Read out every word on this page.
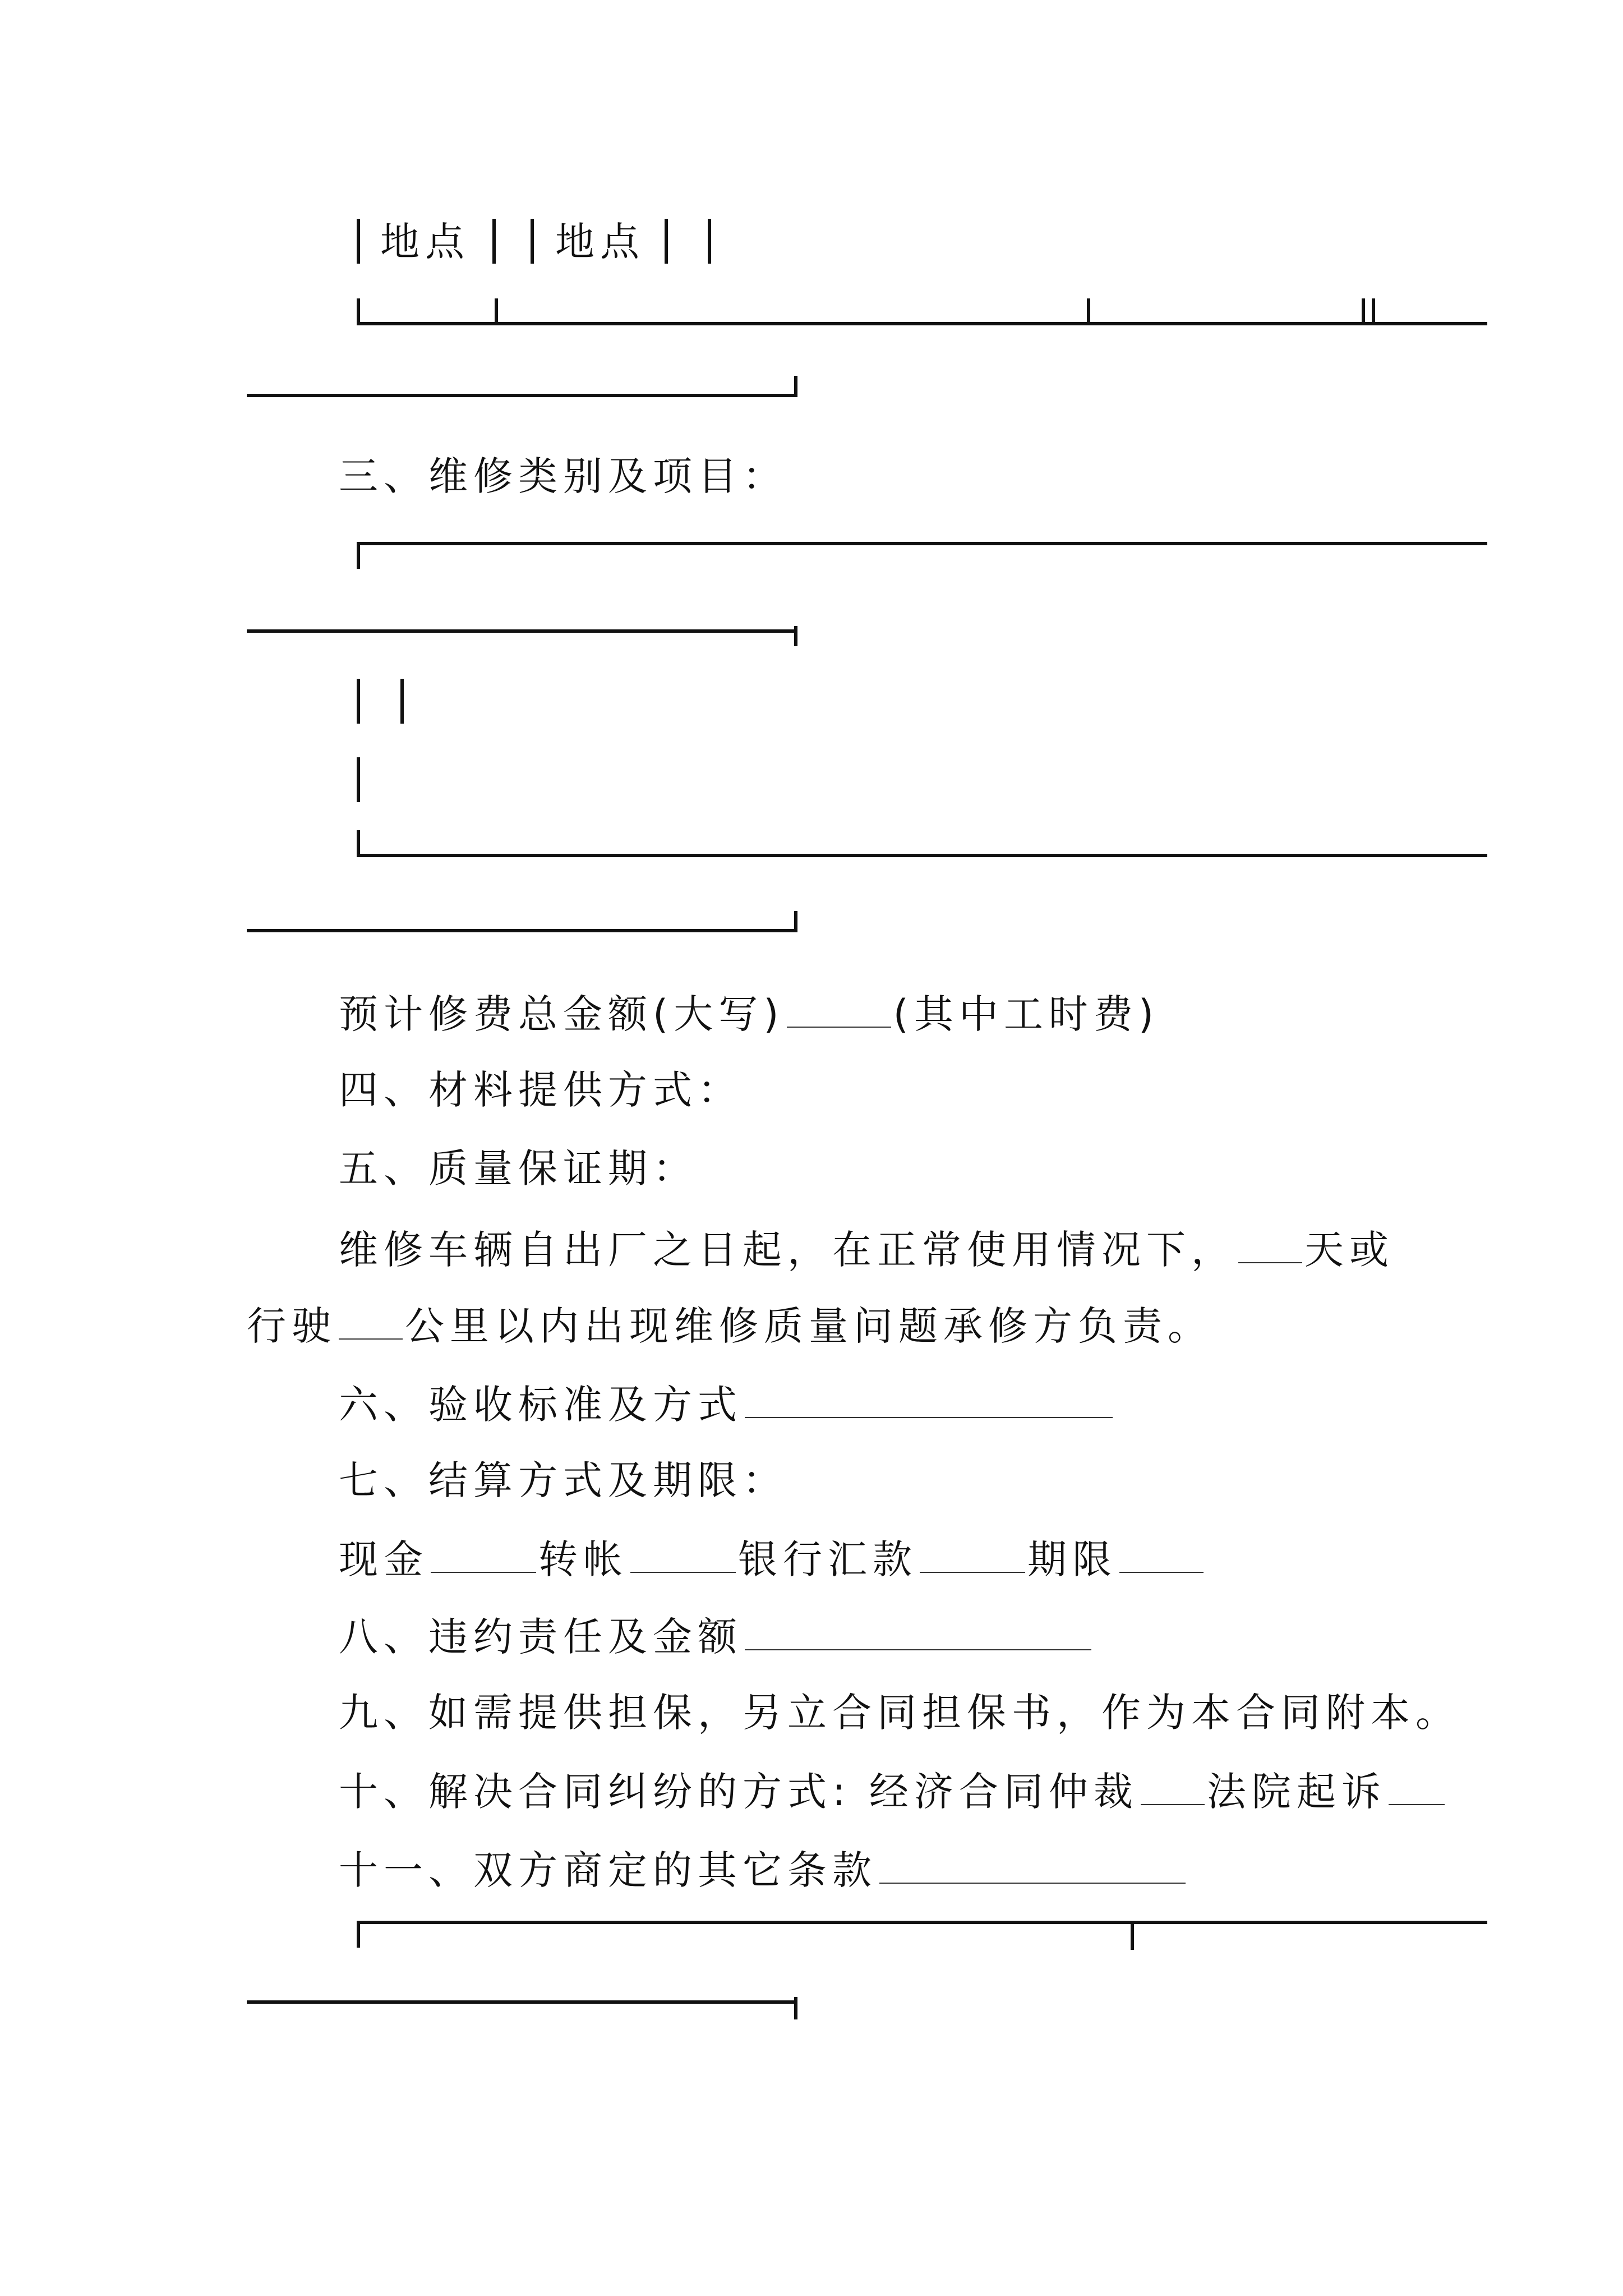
地点 地点
三、维修类别及项目：
预计修费总金额(大写)	(其中工时费)
四、材料提供方式：
五、质量保证期：
维修车辆自出厂之日起，在正常使用情况下， 天或
行驶 公里以内出现维修质量问题承修方负责。
六、验收标准及方式
七、结算方式及期限：
现金	转帐	银行汇款	期限
八、违约责任及金额
九、如需提供担保，另立合同担保书，作为本合同附本。
十、解决合同纠纷的方式: 经济合同仲裁 法院起诉
十一、双方商定的其它条款
